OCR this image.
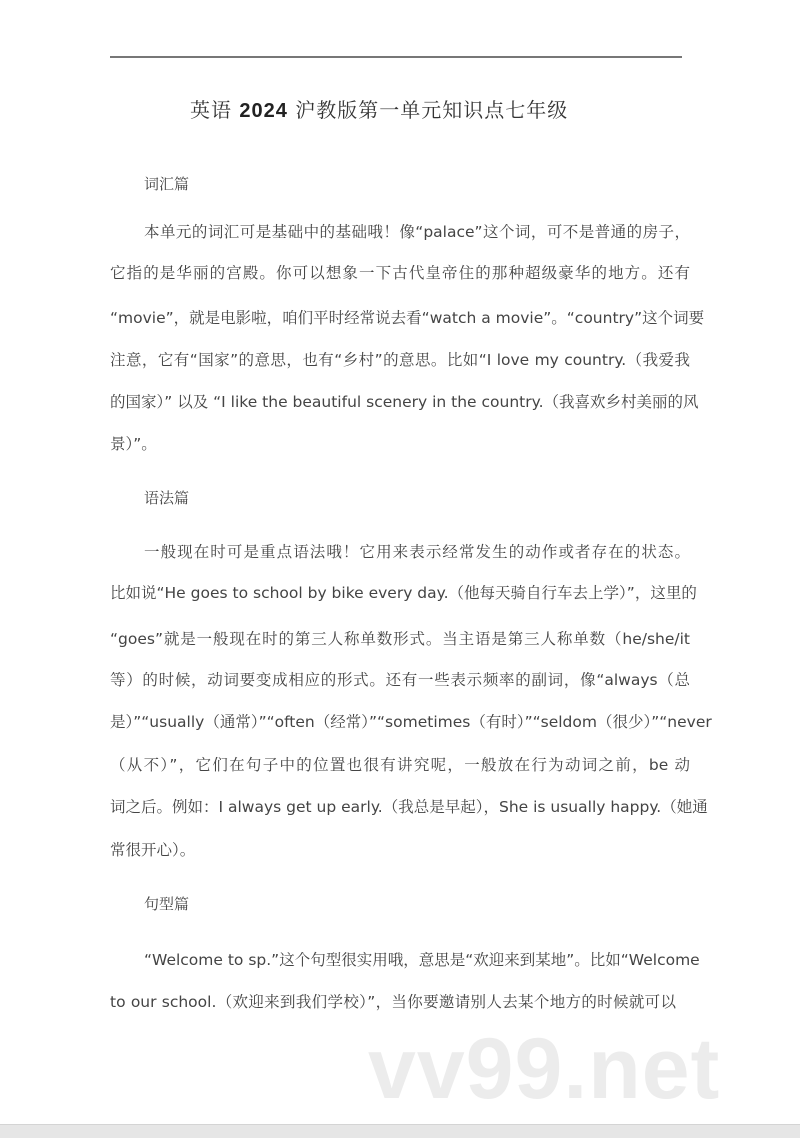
英语 2024 沪教版第一单元知识点七年级
词汇篇
本单元的词汇可是基础中的基础哦！像“palace”这个词，可不是普通的房子，
它指的是华丽的宫殿。你可以想象一下古代皇帝住的那种超级豪华的地方。还有
“movie”，就是电影啦，咱们平时经常说去看“watch a movie”。“country”这个词要
注意，它有“国家”的意思，也有“乡村”的意思。比如“I love my country.（我爱我
的国家）” 以及 “I like the beautiful scenery in the country.（我喜欢乡村美丽的风
景）”。
语法篇
一般现在时可是重点语法哦！它用来表示经常发生的动作或者存在的状态。
比如说“He goes to school by bike every day.（他每天骑自行车去上学）”，这里的
“goes”就是一般现在时的第三人称单数形式。当主语是第三人称单数（he/she/it
等）的时候，动词要变成相应的形式。还有一些表示频率的副词，像“always（总
是）”“usually（通常）”“often（经常）”“sometimes（有时）”“seldom（很少）”“never
（从不）”，它们在句子中的位置也很有讲究呢，一般放在行为动词之前，be 动
词之后。例如：I always get up early.（我总是早起），She is usually happy.（她通
常很开心）。
句型篇
“Welcome to sp.”这个句型很实用哦，意思是“欢迎来到某地”。比如“Welcome
to our school.（欢迎来到我们学校）”，当你要邀请别人去某个地方的时候就可以
vv99.net
